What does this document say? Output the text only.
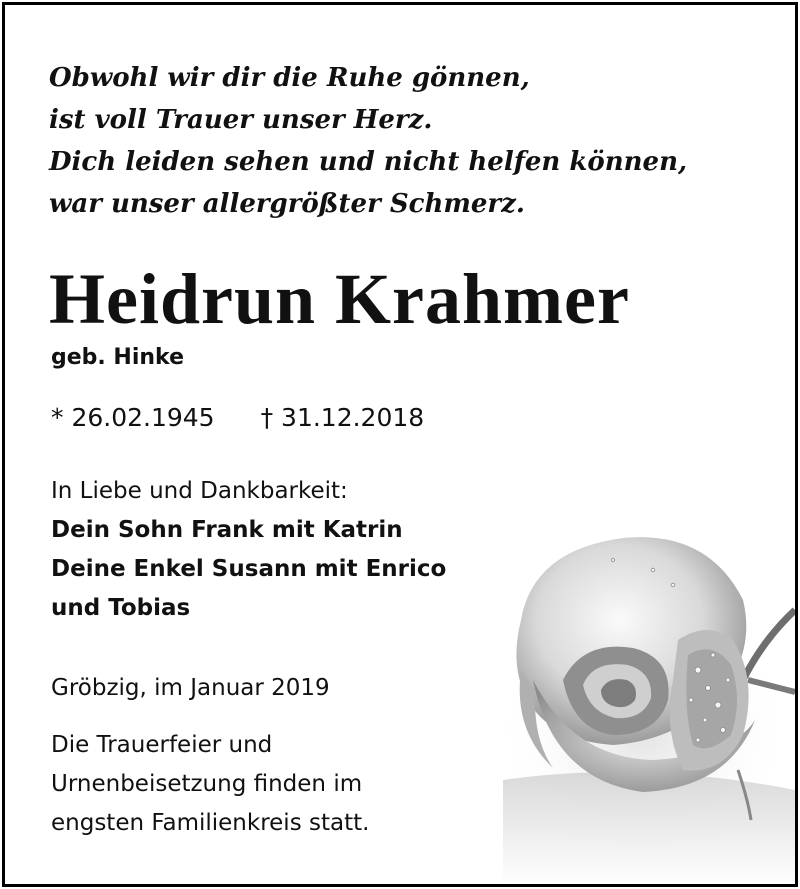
Obwohl wir dir die Ruhe gönnen,
ist voll Trauer unser Herz.
Dich leiden sehen und nicht helfen können,
war unser allergrößter Schmerz.
Heidrun Krahmer
geb. Hinke
* 26.02.1945 † 31.12.2018
In Liebe und Dankbarkeit:
Dein Sohn Frank mit Katrin
Deine Enkel Susann mit Enrico
und Tobias
Gröbzig, im Januar 2019
Die Trauerfeier und
Urnenbeisetzung finden im
engsten Familienkreis statt.
